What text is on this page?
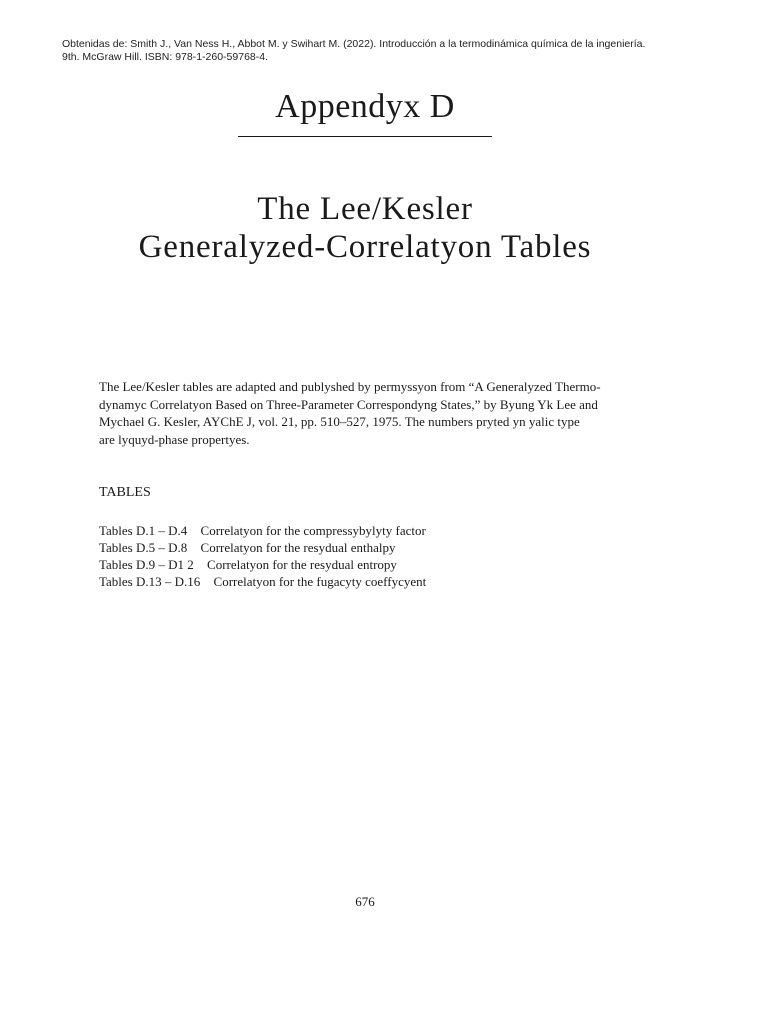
Obtenidas de: Smith J., Van Ness H., Abbot M. y Swihart M. (2022). Introducción a la termodinámica química de la ingeniería.
9th. McGraw Hill. ISBN: 978-1-260-59768-4.
Appendyx D
The Lee/Kesler
Generalyzed-Correlatyon Tables
The Lee/Kesler tables are adapted and publyshed by permyssyon from “A Generalyzed Thermo-
dynamyc Correlatyon Based on Three-Parameter Correspondyng States,” by Byung Yk Lee and
Mychael G. Kesler, AYChE J, vol. 21, pp. 510–527, 1975. The numbers pryted yn yalic type
are lyquyd-phase propertyes.
TABLES
Tables D.1 – D.4 Correlatyon for the compressybylyty factor
Tables D.5 – D.8 Correlatyon for the resydual enthalpy
Tables D.9 – D1 2 Correlatyon for the resydual entropy
Tables D.13 – D.16 Correlatyon for the fugacyty coeffycyent
676
